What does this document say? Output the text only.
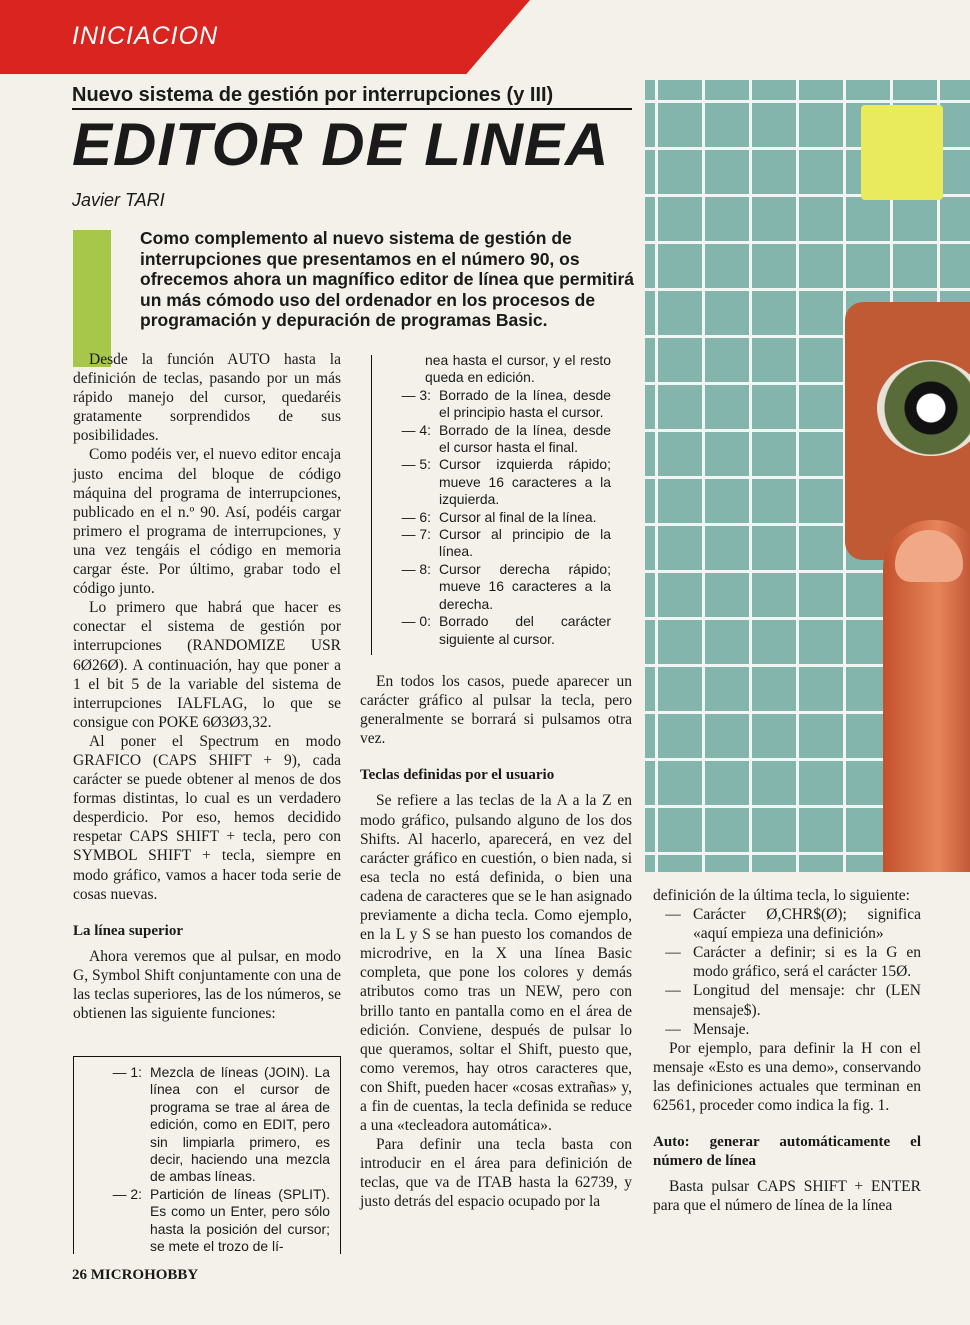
INICIACION
Nuevo sistema de gestión por interrupciones (y III)
EDITOR DE LINEA
Javier TARI
Como complemento al nuevo sistema de gestión de interrupciones que presentamos en el número 90, os ofrecemos ahora un magnífico editor de línea que permitirá un más cómodo uso del ordenador en los procesos de programación y depuración de programas Basic.

Desde la función AUTO hasta la definición de teclas, pasando por un más rápido manejo del cursor, quedaréis gratamente sorprendidos de sus posibilidades.

Como podéis ver, el nuevo editor encaja justo encima del bloque de código máquina del programa de interrupciones, publicado en el n.º 90. Así, podéis cargar primero el programa de interrupciones, y una vez tengáis el código en memoria cargar éste. Por último, grabar todo el código junto.

Lo primero que habrá que hacer es conectar el sistema de gestión por interrupciones (RANDOMIZE USR 6Ø26Ø). A continuación, hay que poner a 1 el bit 5 de la variable del sistema de interrupciones IALFLAG, lo que se consigue con POKE 6Ø3Ø3,32.

Al poner el Spectrum en modo GRAFICO (CAPS SHIFT + 9), cada carácter se puede obtener al menos de dos formas distintas, lo cual es un verdadero desperdicio. Por eso, hemos decidido respetar CAPS SHIFT + tecla, pero con SYMBOL SHIFT + tecla, siempre en modo gráfico, vamos a hacer toda serie de cosas nuevas.

La línea superior

Ahora veremos que al pulsar, en modo G, Symbol Shift conjuntamente con una de las teclas superiores, las de los números, se obtienen las siguiente funciones:

— 1: Mezcla de líneas (JOIN). La línea con el cursor de programa se trae al área de edición, como en EDIT, pero sin limpiarla primero, es decir, haciendo una mezcla de ambas líneas.
— 2: Partición de líneas (SPLIT). Es como un Enter, pero sólo hasta la posición del cursor; se mete el trozo de lí-
nea hasta el cursor, y el resto queda en edición.
— 3: Borrado de la línea, desde el principio hasta el cursor.
— 4: Borrado de la línea, desde el cursor hasta el final.
— 5: Cursor izquierda rápido; mueve 16 caracteres a la izquierda.
— 6: Cursor al final de la línea.
— 7: Cursor al principio de la línea.
— 8: Cursor derecha rápido; mueve 16 caracteres a la derecha.
— 0: Borrado del carácter siguiente al cursor.

En todos los casos, puede aparecer un carácter gráfico al pulsar la tecla, pero generalmente se borrará si pulsamos otra vez.

Teclas definidas por el usuario

Se refiere a las teclas de la A a la Z en modo gráfico, pulsando alguno de los dos Shifts. Al hacerlo, aparecerá, en vez del carácter gráfico en cuestión, o bien nada, si esa tecla no está definida, o bien una cadena de caracteres que se le han asignado previamente a dicha tecla. Como ejemplo, en la L y S se han puesto los comandos de microdrive, en la X una línea Basic completa, que pone los colores y demás atributos como tras un NEW, pero con brillo tanto en pantalla como en el área de edición. Conviene, después de pulsar lo que queramos, soltar el Shift, puesto que, como veremos, hay otros caracteres que, con Shift, pueden hacer «cosas extrañas» y, a fin de cuentas, la tecla definida se reduce a una «tecleadora automática».

Para definir una tecla basta con introducir en el área para definición de teclas, que va de ITAB hasta la 62739, y justo detrás del espacio ocupado por la

definición de la última tecla, lo siguiente:

— Carácter Ø,CHR$(Ø); significa «aquí empieza una definición»
— Carácter a definir; si es la G en modo gráfico, será el carácter 15Ø.
— Longitud del mensaje: chr (LEN mensaje$).
— Mensaje.

Por ejemplo, para definir la H con el mensaje «Esto es una demo», conservando las definiciones actuales que terminan en 62561, proceder como indica la fig. 1.

Auto: generar automáticamente el número de línea

Basta pulsar CAPS SHIFT + ENTER para que el número de línea de la línea

26 MICROHOBBY
